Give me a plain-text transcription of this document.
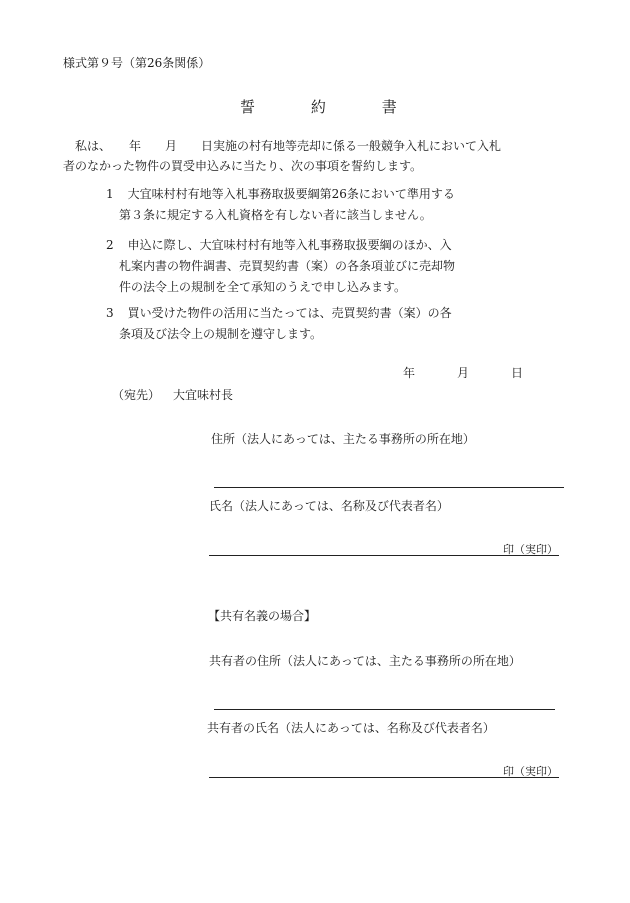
様式第９号（第26条関係）
誓	約	書
　私は、　　年　　月　　日実施の村有地等売却に係る一般競争入札において入札
者のなかった物件の買受申込みに当たり、次の事項を誓約します。
1 大宜味村村有地等入札事務取扱要綱第26条において準用する
第３条に規定する入札資格を有しない者に該当しません。
2 申込に際し、大宜味村村有地等入札事務取扱要綱のほか、入
札案内書の物件調書、売買契約書（案）の各条項並びに売却物
件の法令上の規制を全て承知のうえで申し込みます。
3 買い受けた物件の活用に当たっては、売買契約書（案）の各
条項及び法令上の規制を遵守します。
年	月	日
（宛先） 大宜味村長
住所（法人にあっては、主たる事務所の所在地）
氏名（法人にあっては、名称及び代表者名）
印（実印）
【共有名義の場合】
共有者の住所（法人にあっては、主たる事務所の所在地）
共有者の氏名（法人にあっては、名称及び代表者名）
印（実印）
